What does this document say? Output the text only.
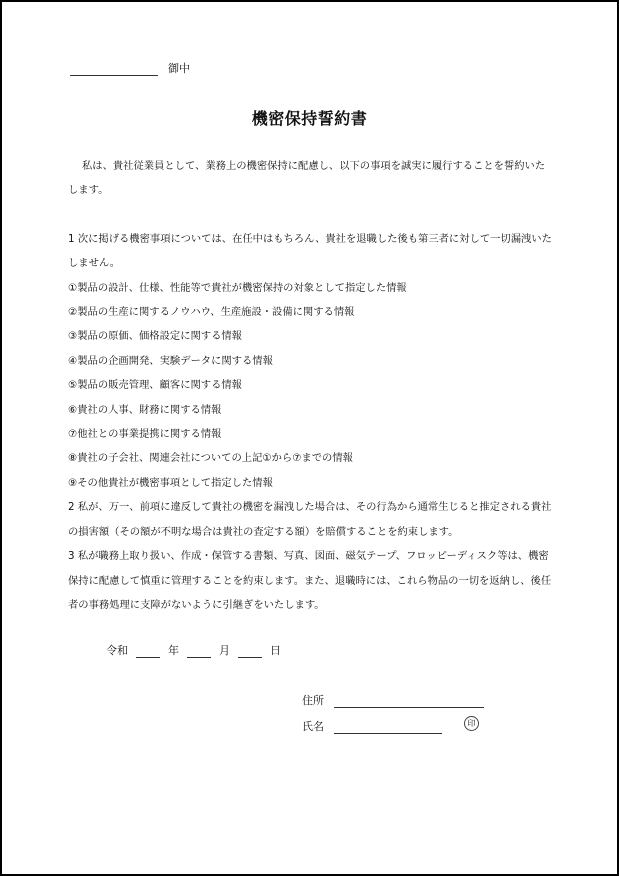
御中
機密保持誓約書

私は、貴社従業員として、業務上の機密保持に配慮し、以下の事項を誠実に履行することを誓約いたします。

1 次に掲げる機密事項については、在任中はもちろん、貴社を退職した後も第三者に対して一切漏洩いたしません。

①製品の設計、仕様、性能等で貴社が機密保持の対象として指定した情報

②製品の生産に関するノウハウ、生産施設・設備に関する情報

③製品の原価、価格設定に関する情報

④製品の企画開発、実験データに関する情報

⑤製品の販売管理、顧客に関する情報

⑥貴社の人事、財務に関する情報

⑦他社との事業提携に関する情報

⑧貴社の子会社、関連会社についての上記①から⑦までの情報

⑨その他貴社が機密事項として指定した情報

2 私が、万一、前項に違反して貴社の機密を漏洩した場合は、その行為から通常生じると推定される貴社の損害額（その額が不明な場合は貴社の査定する額）を賠償することを約束します。

3 私が職務上取り扱い、作成・保管する書類、写真、図面、磁気テープ、フロッピーディスク等は、機密保持に配慮して慎重に管理することを約束します。また、退職時には、これら物品の一切を返納し、後任者の事務処理に支障がないように引継ぎをいたします。

令和	年	月	日
住所
氏名	印
